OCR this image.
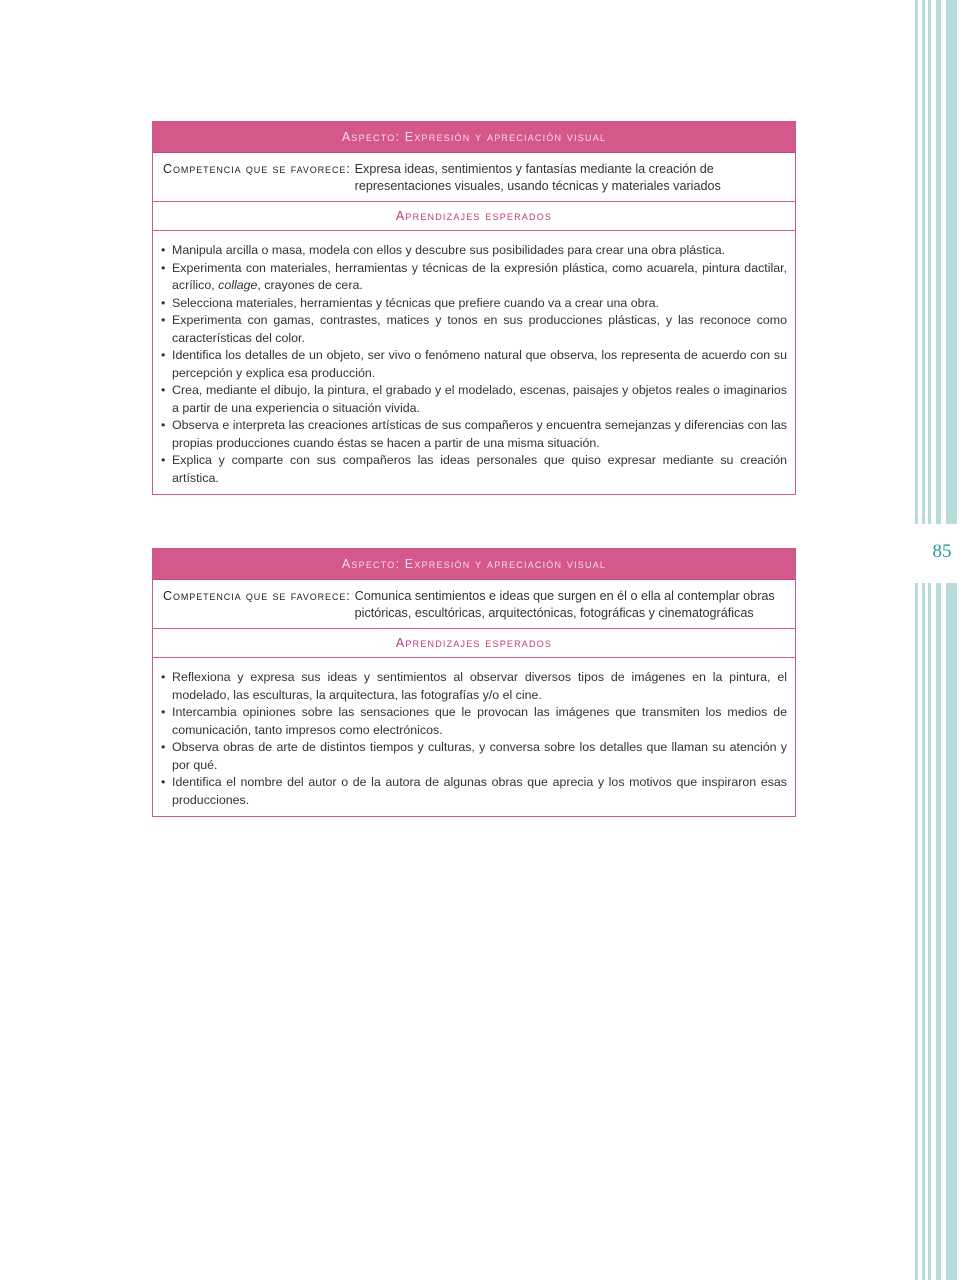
85
Aspecto: Expresión y apreciación visual
Competencia que se favorece: Expresa ideas, sentimientos y fantasías mediante la creación de representaciones visuales, usando técnicas y materiales variados
Aprendizajes esperados
• Manipula arcilla o masa, modela con ellos y descubre sus posibilidades para crear una obra plástica.
• Experimenta con materiales, herramientas y técnicas de la expresión plástica, como acuarela, pintura dactilar, acrílico, collage, crayones de cera.
• Selecciona materiales, herramientas y técnicas que prefiere cuando va a crear una obra.
• Experimenta con gamas, contrastes, matices y tonos en sus producciones plásticas, y las reconoce como características del color.
• Identifica los detalles de un objeto, ser vivo o fenómeno natural que observa, los representa de acuerdo con su percepción y explica esa producción.
• Crea, mediante el dibujo, la pintura, el grabado y el modelado, escenas, paisajes y objetos reales o imaginarios a partir de una experiencia o situación vivida.
• Observa e interpreta las creaciones artísticas de sus compañeros y encuentra semejanzas y diferencias con las propias producciones cuando éstas se hacen a partir de una misma situación.
• Explica y comparte con sus compañeros las ideas personales que quiso expresar mediante su creación artística.
Aspecto: Expresión y apreciación visual
Competencia que se favorece: Comunica sentimientos e ideas que surgen en él o ella al contemplar obras pictóricas, escultóricas, arquitectónicas, fotográficas y cinematográficas
Aprendizajes esperados
• Reflexiona y expresa sus ideas y sentimientos al observar diversos tipos de imágenes en la pintura, el modelado, las esculturas, la arquitectura, las fotografías y/o el cine.
• Intercambia opiniones sobre las sensaciones que le provocan las imágenes que transmiten los medios de comunicación, tanto impresos como electrónicos.
• Observa obras de arte de distintos tiempos y culturas, y conversa sobre los detalles que llaman su atención y por qué.
• Identifica el nombre del autor o de la autora de algunas obras que aprecia y los motivos que inspiraron esas producciones.
